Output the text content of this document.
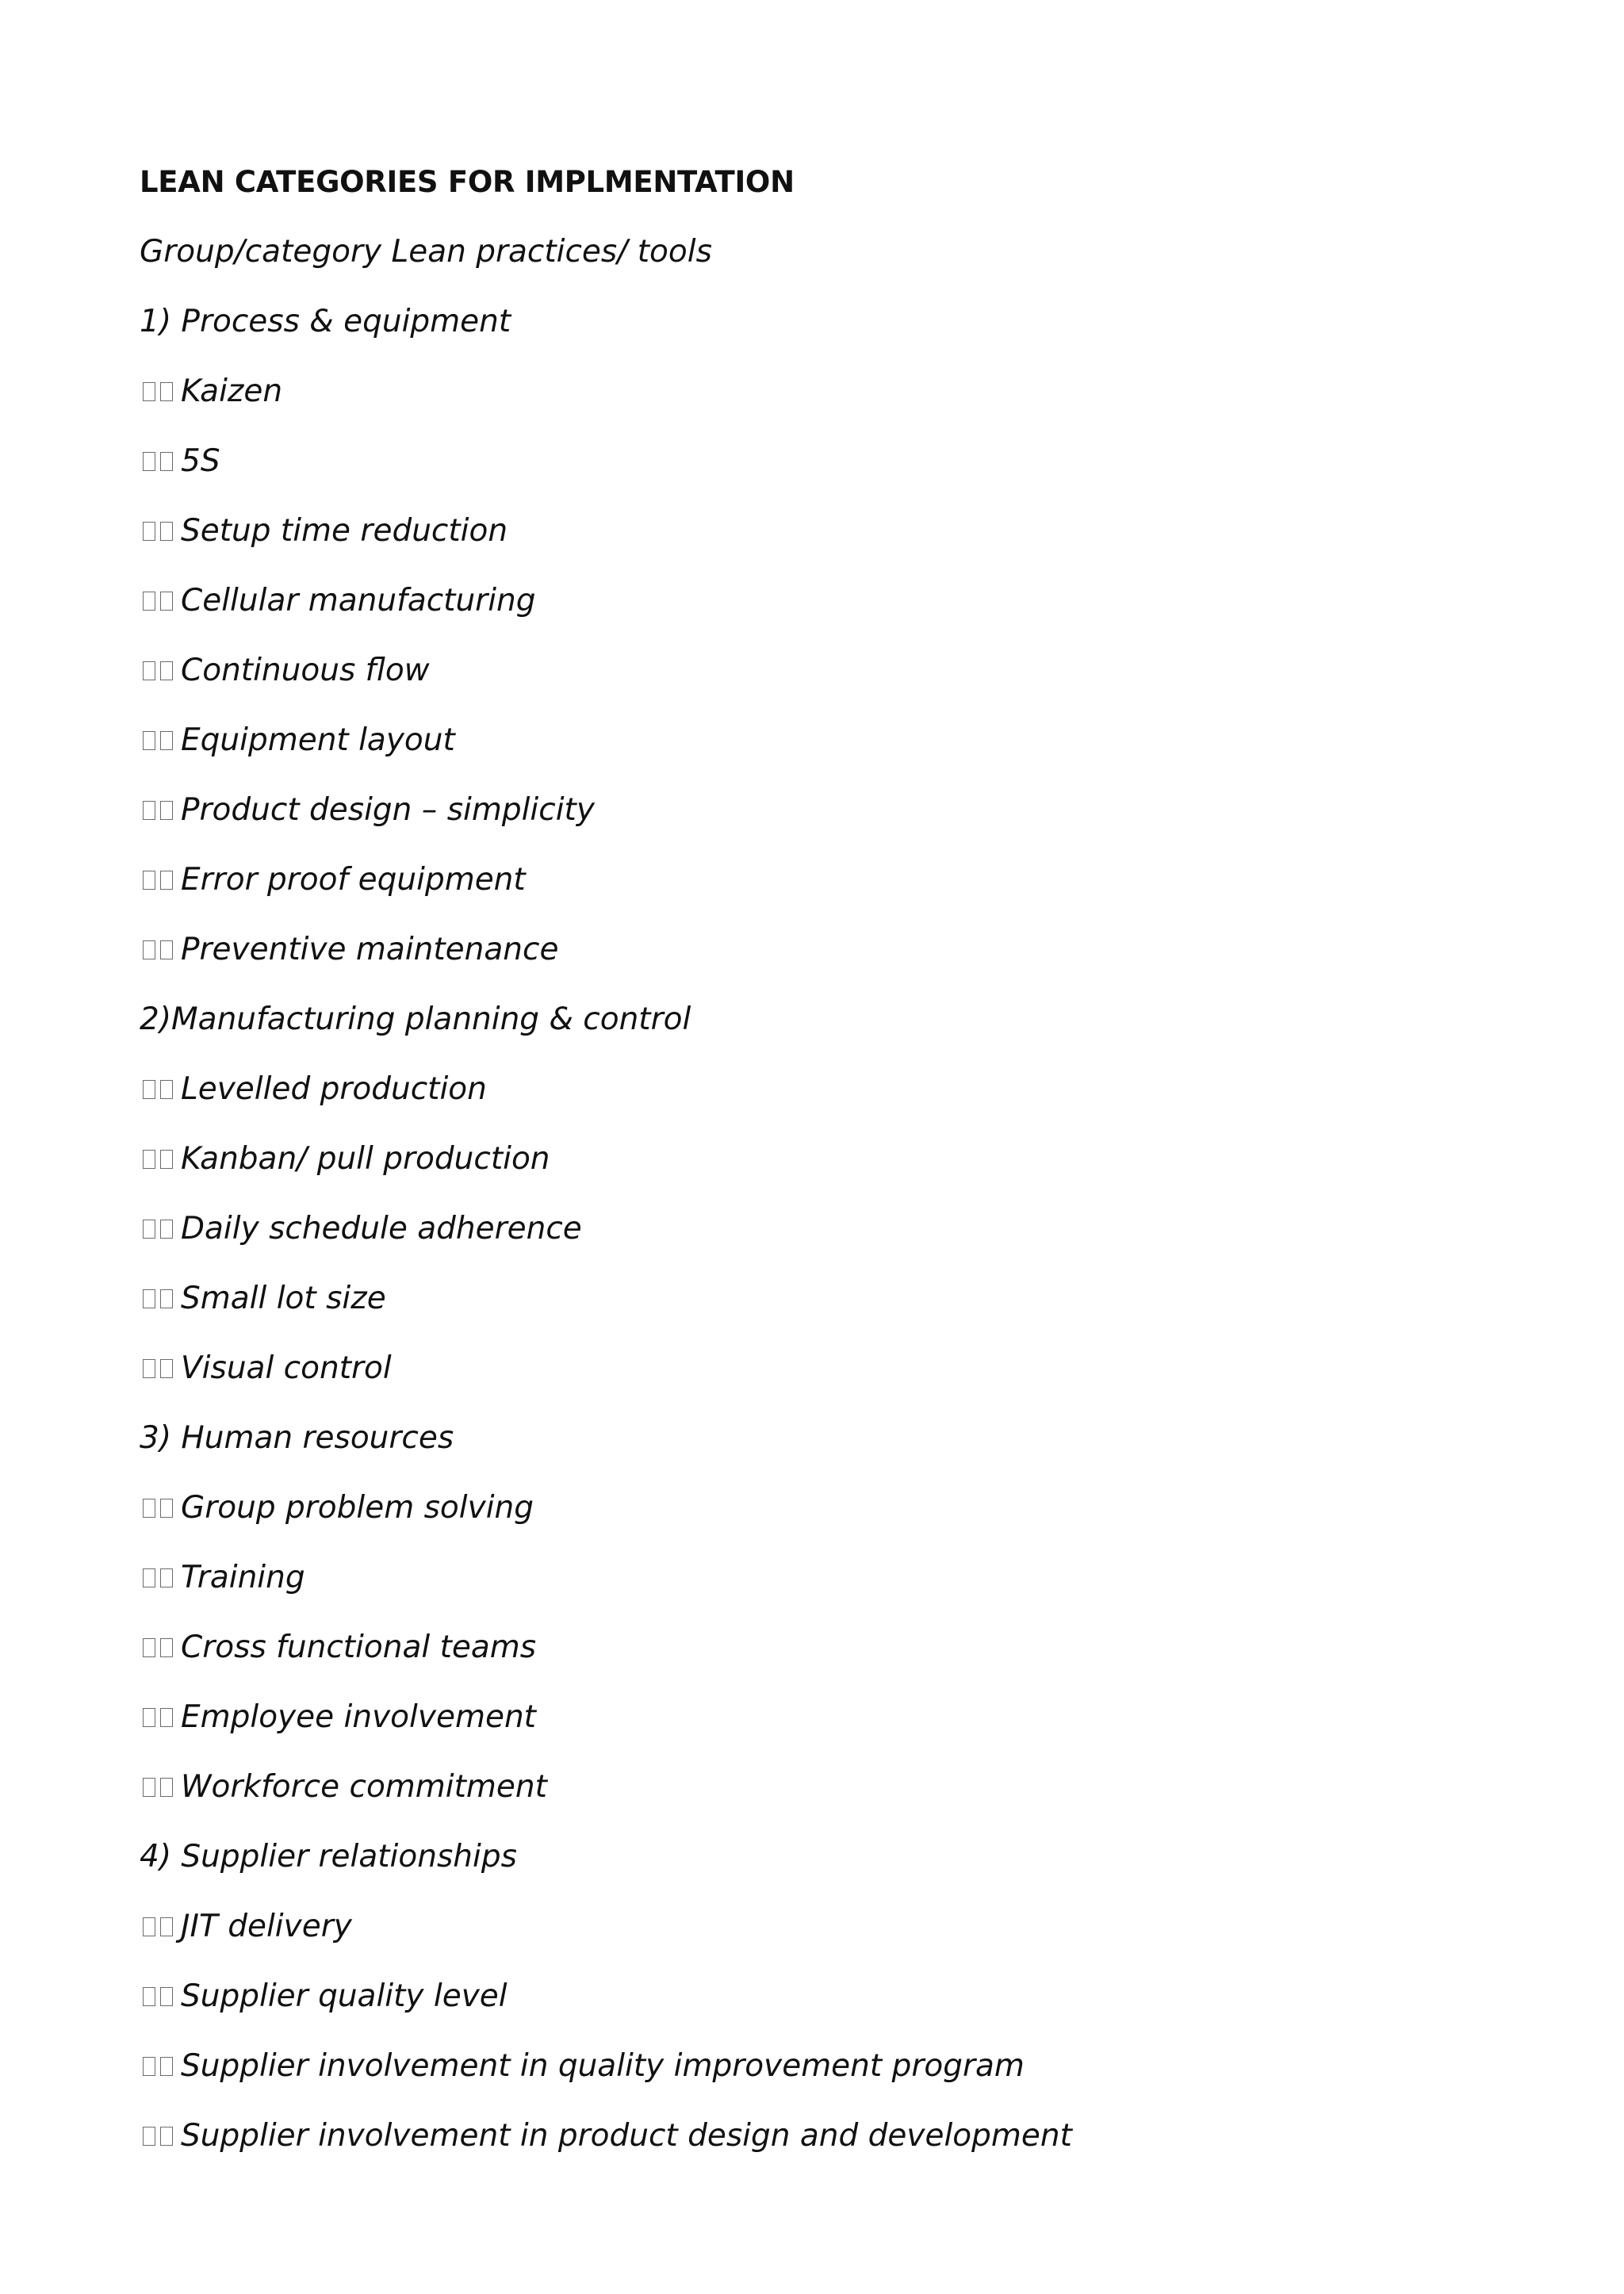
LEAN CATEGORIES FOR IMPLMENTATION
Group/category Lean practices/ tools
1) Process & equipment
Kaizen
5S
Setup time reduction
Cellular manufacturing
Continuous flow
Equipment layout
Product design – simplicity
Error proof equipment
Preventive maintenance
2)Manufacturing planning & control
Levelled production
Kanban/ pull production
Daily schedule adherence
Small lot size
Visual control
3) Human resources
Group problem solving
Training
Cross functional teams
Employee involvement
Workforce commitment
4) Supplier relationships
JIT delivery
Supplier quality level
Supplier involvement in quality improvement program
Supplier involvement in product design and development
